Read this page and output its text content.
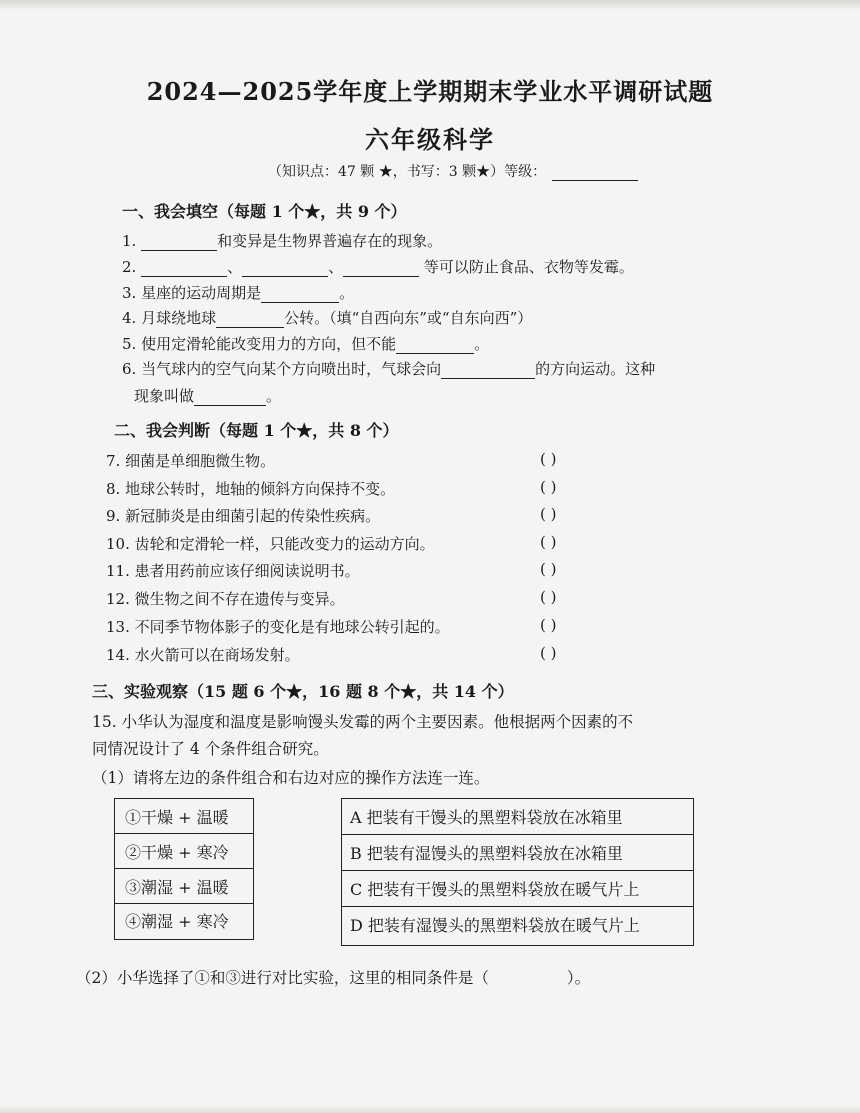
2024—2025学年度上学期期末学业水平调研试题
六年级科学
（知识点：47 颗 ★，书写：3 颗★）等级：
一、我会填空（每题 1 个★，共 9 个）
1.	和变异是生物界普遍存在的现象。
2.	、	、	等可以防止食品、衣物等发霉。
3. 星座的运动周期是	。
4. 月球绕地球	公转。（填“自西向东”或“自东向西”）
5. 使用定滑轮能改变用力的方向，但不能	。
6. 当气球内的空气向某个方向喷出时，气球会向	的方向运动。这种
现象叫做	。
二、我会判断（每题 1 个★，共 8 个）
7. 细菌是单细胞微生物。	( )
8. 地球公转时，地轴的倾斜方向保持不变。	( )
9. 新冠肺炎是由细菌引起的传染性疾病。	( )
10. 齿轮和定滑轮一样，只能改变力的运动方向。	( )
11. 患者用药前应该仔细阅读说明书。	( )
12. 微生物之间不存在遗传与变异。	( )
13. 不同季节物体影子的变化是有地球公转引起的。	( )
14. 水火箭可以在商场发射。	( )
三、实验观察（15 题 6 个★，16 题 8 个★，共 14 个）
15. 小华认为湿度和温度是影响馒头发霉的两个主要因素。他根据两个因素的不
同情况设计了 4 个条件组合研究。
（1）请将左边的条件组合和右边对应的操作方法连一连。
①干燥 + 温暖
②干燥 + 寒冷
③潮湿 + 温暖
④潮湿 + 寒冷
A 把装有干馒头的黑塑料袋放在冰箱里
B 把装有湿馒头的黑塑料袋放在冰箱里
C 把装有干馒头的黑塑料袋放在暖气片上
D 把装有湿馒头的黑塑料袋放在暖气片上
（2）小华选择了①和③进行对比实验，这里的相同条件是（	）。
